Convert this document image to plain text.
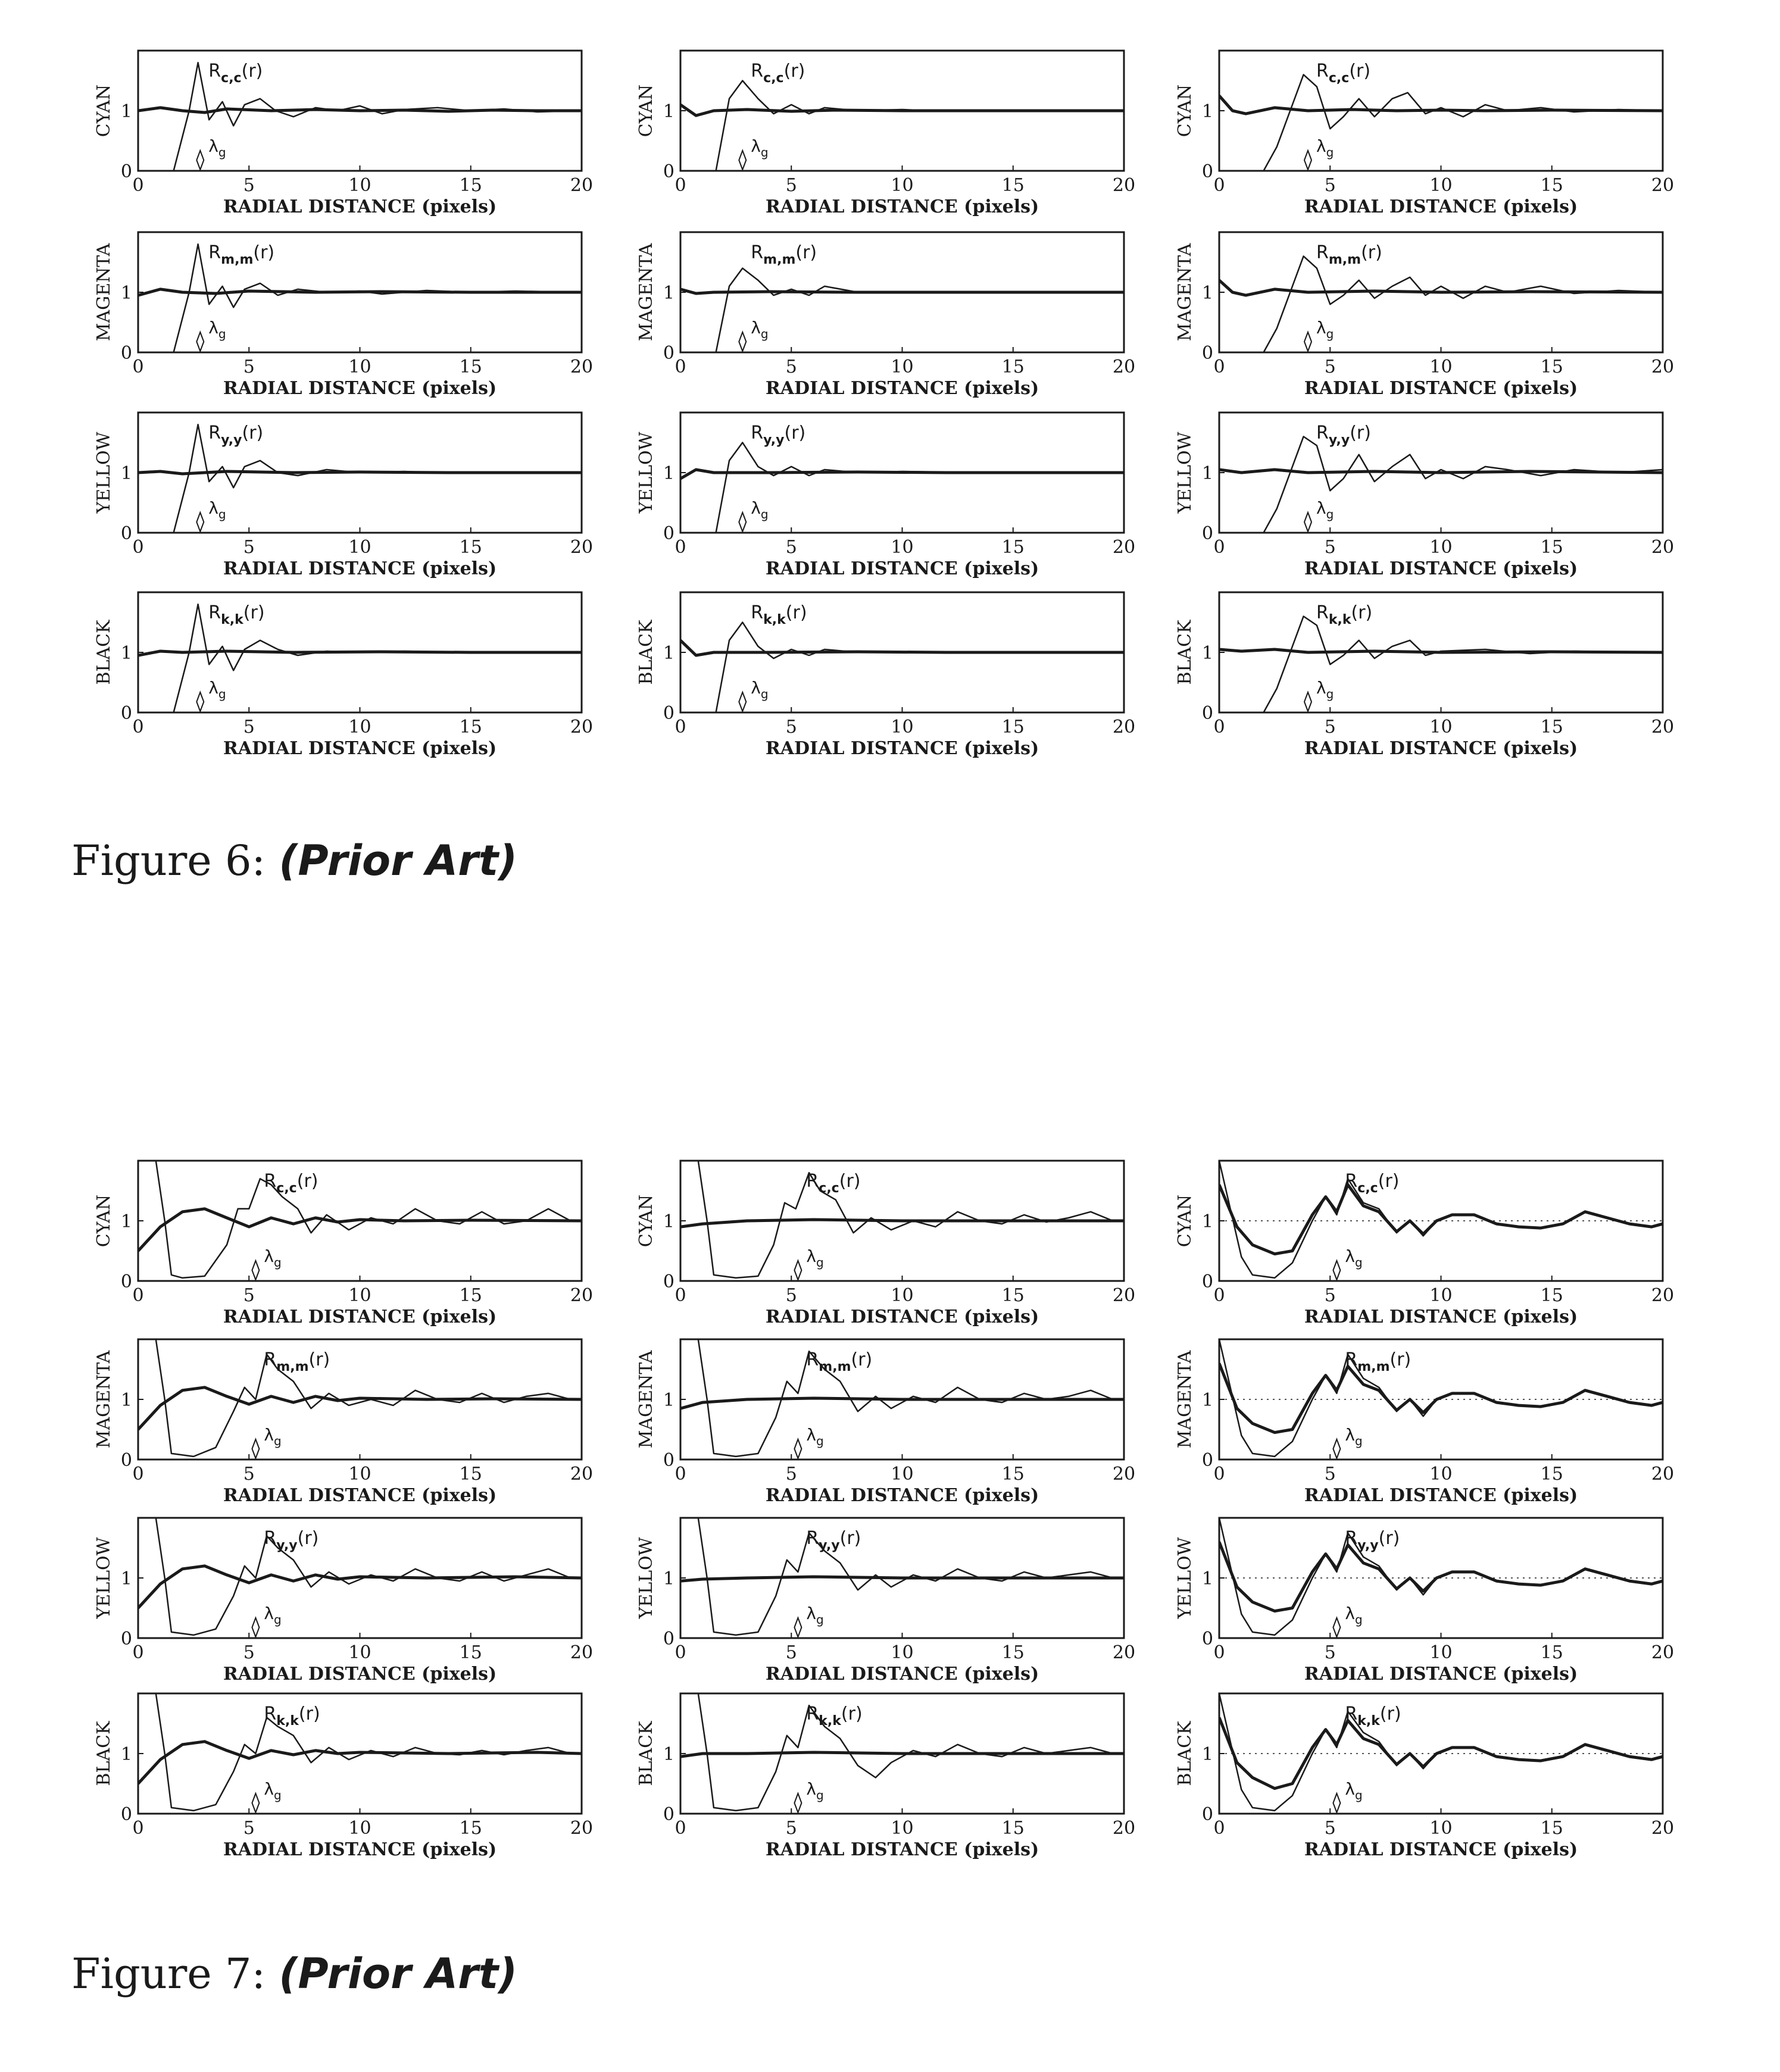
0	5	10	15	20
0
1
CYAN
RADIAL DISTANCE (pixels)
$R_{c,c}(r)$
$\lambda_g$
0	5	10	15	20
0
1
CYAN
RADIAL DISTANCE (pixels)
$R_{c,c}(r)$
$\lambda_g$
0	5	10	15	20
0
1
CYAN
RADIAL DISTANCE (pixels)
$R_{c,c}(r)$
$\lambda_g$
0	5	10	15	20
0
1
MAGENTA
RADIAL DISTANCE (pixels)
$R_{m,m}(r)$
$\lambda_g$
0	5	10	15	20
0
1
MAGENTA
RADIAL DISTANCE (pixels)
$R_{m,m}(r)$
$\lambda_g$
0	5	10	15	20
0
1
MAGENTA
RADIAL DISTANCE (pixels)
$R_{m,m}(r)$
$\lambda_g$
0	5	10	15	20
0
1
YELLOW
RADIAL DISTANCE (pixels)
$R_{y,y}(r)$
$\lambda_g$
0	5	10	15	20
0
1
YELLOW
RADIAL DISTANCE (pixels)
$R_{y,y}(r)$
$\lambda_g$
0	5	10	15	20
0
1
YELLOW
RADIAL DISTANCE (pixels)
$R_{y,y}(r)$
$\lambda_g$
0	5	10	15	20
0
1
BLACK
RADIAL DISTANCE (pixels)
$R_{k,k}(r)$
$\lambda_g$
0	5	10	15	20
0
1
BLACK
RADIAL DISTANCE (pixels)
$R_{k,k}(r)$
$\lambda_g$
0	5	10	15	20
0
1
BLACK
RADIAL DISTANCE (pixels)
$R_{k,k}(r)$
$\lambda_g$
0	5	10	15	20
0
1
CYAN
RADIAL DISTANCE (pixels)
$R_{c,c}(r)$
$\lambda_g$
0	5	10	15	20
0
1
CYAN
RADIAL DISTANCE (pixels)
$R_{c,c}(r)$
$\lambda_g$
0	5	10	15	20
0
1
CYAN
RADIAL DISTANCE (pixels)
$R_{c,c}(r)$
$\lambda_g$
0	5	10	15	20
0
1
MAGENTA
RADIAL DISTANCE (pixels)
$R_{m,m}(r)$
$\lambda_g$
0	5	10	15	20
0
1
MAGENTA
RADIAL DISTANCE (pixels)
$R_{m,m}(r)$
$\lambda_g$
0	5	10	15	20
0
1
MAGENTA
RADIAL DISTANCE (pixels)
$R_{m,m}(r)$
$\lambda_g$
0	5	10	15	20
0
1
YELLOW
RADIAL DISTANCE (pixels)
$R_{y,y}(r)$
$\lambda_g$
0	5	10	15	20
0
1
YELLOW
RADIAL DISTANCE (pixels)
$R_{y,y}(r)$
$\lambda_g$
0	5	10	15	20
0
1
YELLOW
RADIAL DISTANCE (pixels)
$R_{y,y}(r)$
$\lambda_g$
0	5	10	15	20
0
1
BLACK
RADIAL DISTANCE (pixels)
$R_{k,k}(r)$
$\lambda_g$
0	5	10	15	20
0
1
BLACK
RADIAL DISTANCE (pixels)
$R_{k,k}(r)$
$\lambda_g$
0	5	10	15	20
0
1
BLACK
RADIAL DISTANCE (pixels)
$R_{k,k}(r)$
$\lambda_g$
Figure 6: (Prior Art)
Figure 7: (Prior Art)
